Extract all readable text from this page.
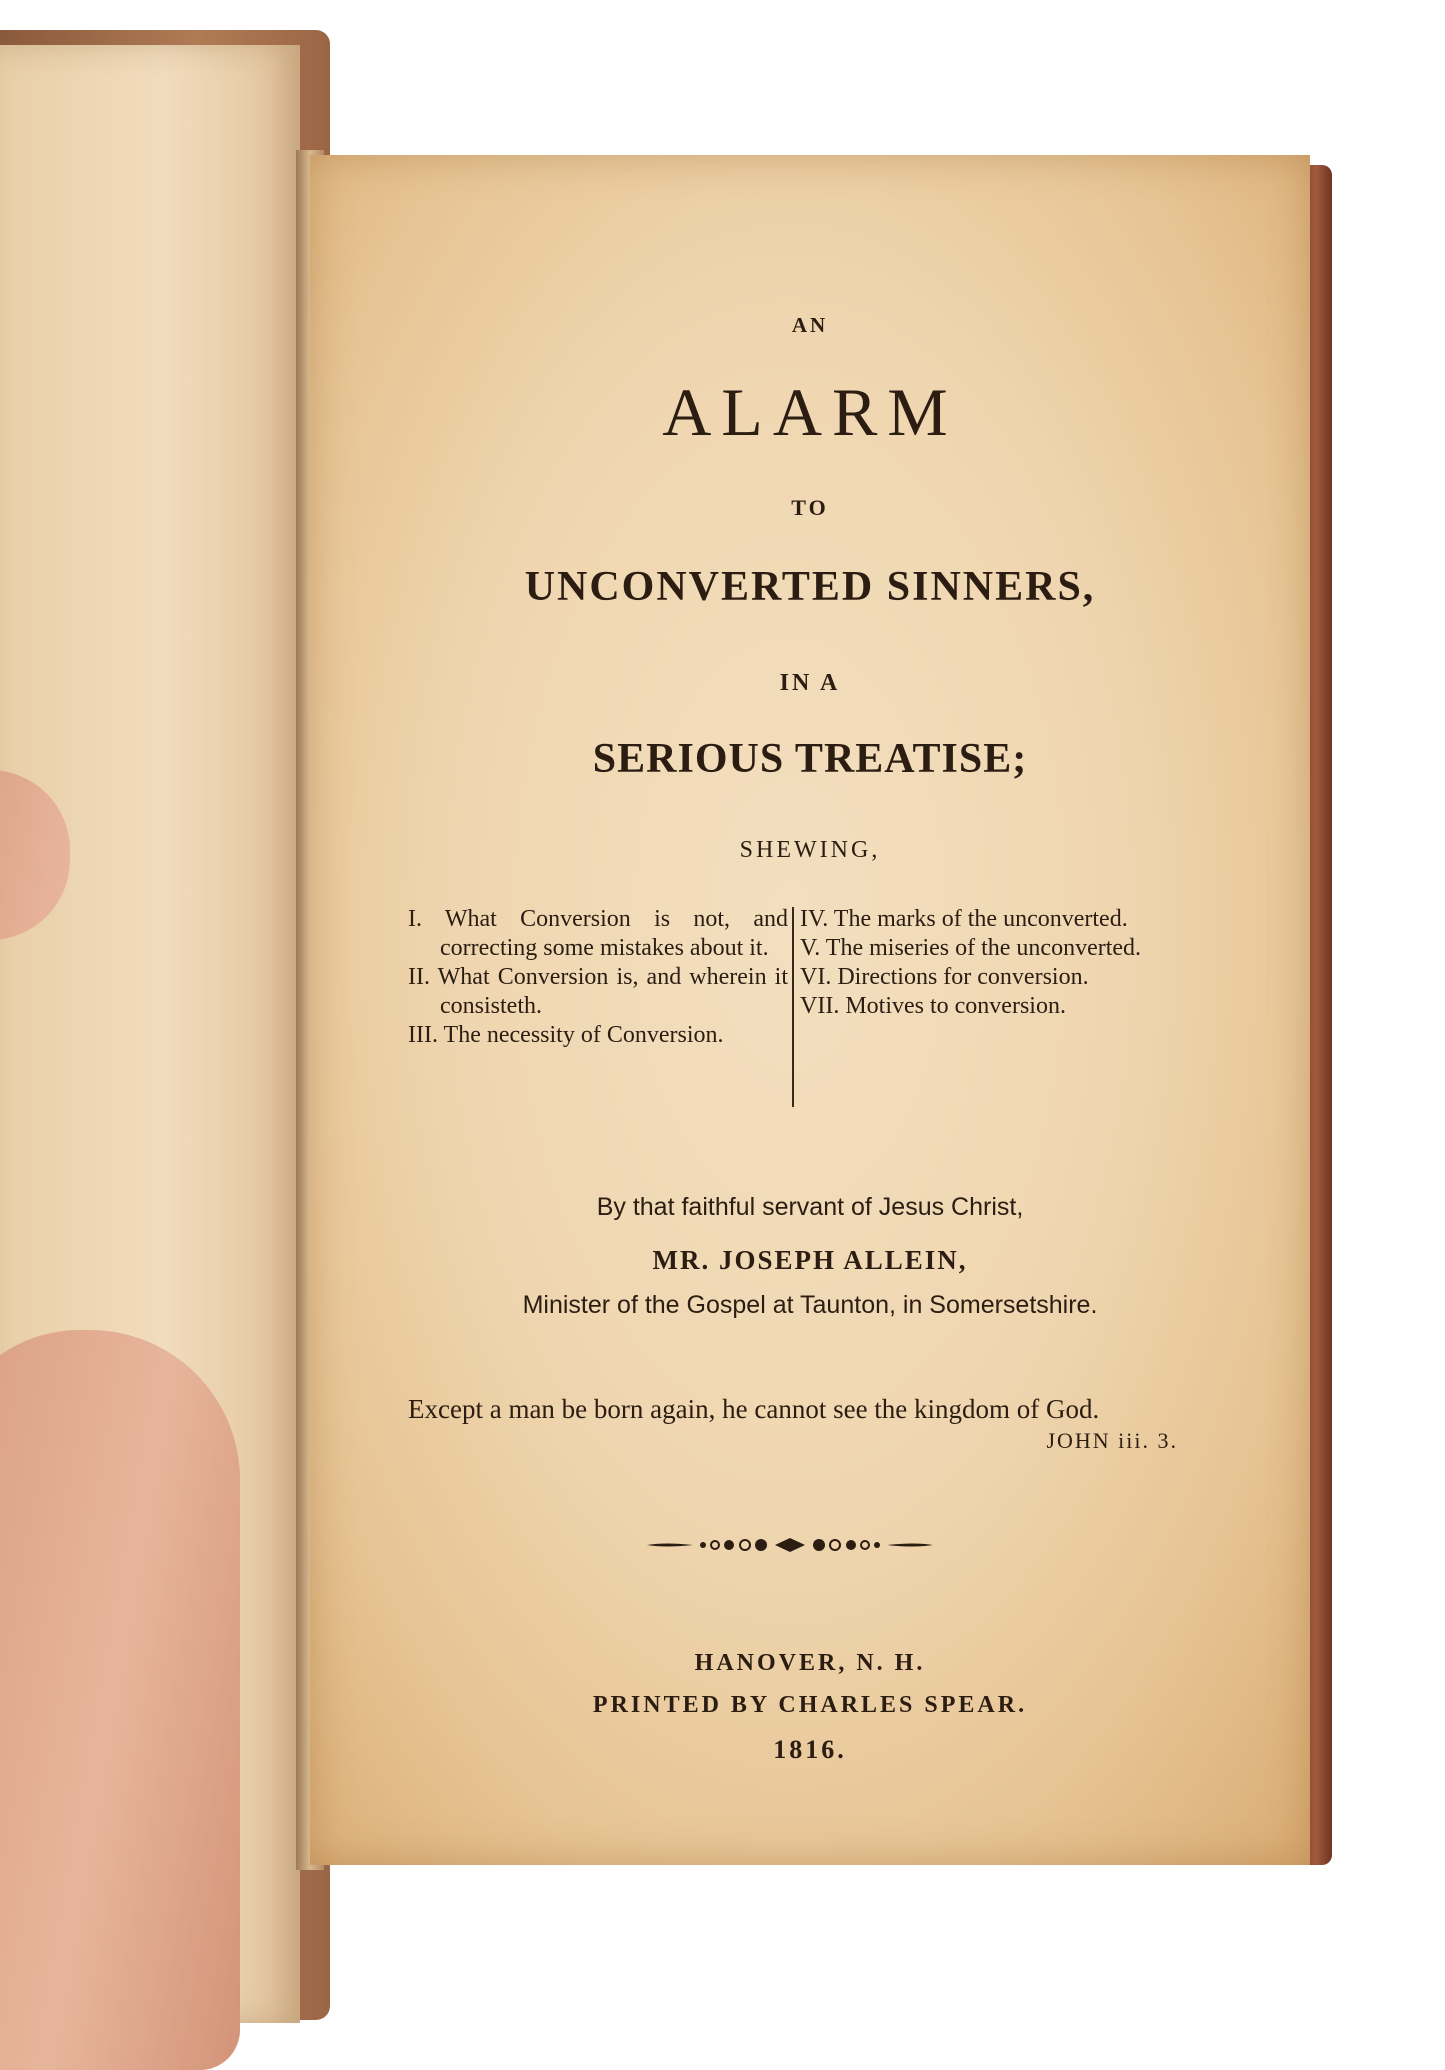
AN
ALARM
TO
UNCONVERTED SINNERS,
IN A
SERIOUS TREATISE;
SHEWING,

I. What Conversion is not, and correcting some mistakes about it.

II. What Conversion is, and wherein it consisteth.

III. The necessity of Conversion.

IV. The marks of the unconverted.

V. The miseries of the unconverted.

VI. Directions for conversion.

VII. Motives to conversion.

By that faithful servant of Jesus Christ,
MR. JOSEPH ALLEIN,
Minister of the Gospel at Taunton, in Somersetshire.
Except a man be born again, he cannot see the kingdom of God.
JOHN iii. 3.
HANOVER, N. H.
PRINTED BY CHARLES SPEAR.
1816.
